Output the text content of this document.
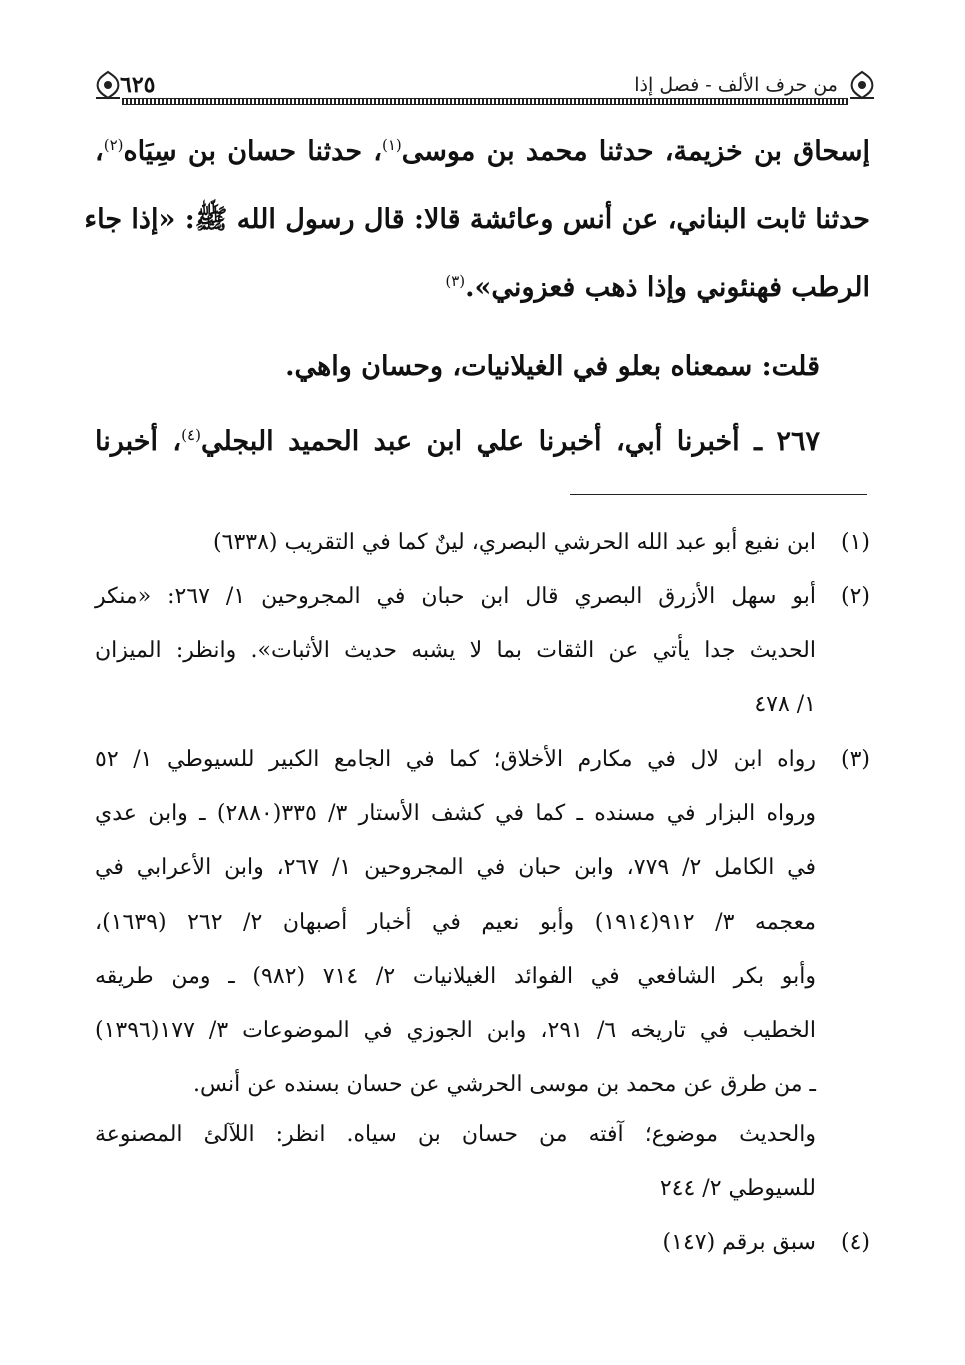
من حرف الألف - فصل إذا
٦٢٥
إسحاق بن خزيمة، حدثنا محمد بن موسى$^{(١)}$، حدثنا حسان بن سِيَاه$^{(٢)}$،
حدثنا ثابت البناني، عن أنس وعائشة قالا: قال رسول الله ﷺ: «إذا جاء
الرطب فهنئوني وإذا ذهب فعزوني».$^{(٣)}$
قلت: سمعناه بعلو في الغيلانيات، وحسان واهي.
٢٦٧ ـ أخبرنا أبي، أخبرنا علي ابن عبد الحميد البجلي$^{(٤)}$، أخبرنا
(١)
ابن نفيع أبو عبد الله الحرشي البصري، لينٌ كما في التقريب (٦٣٣٨)
(٢)
أبو سهل الأزرق البصري قال ابن حبان في المجروحين ١/ ٢٦٧: «منكر
الحديث جدا يأتي عن الثقات بما لا يشبه حديث الأثبات». وانظر: الميزان
١/ ٤٧٨
(٣)
رواه ابن لال في مكارم الأخلاق؛ كما في الجامع الكبير للسيوطي ١/ ٥٢
ورواه البزار في مسنده ـ كما في كشف الأستار ٣/ ٣٣٥(٢٨٨٠) ـ وابن عدي
في الكامل ٢/ ٧٧٩، وابن حبان في المجروحين ١/ ٢٦٧، وابن الأعرابي في
معجمه ٣/ ٩١٢(١٩١٤) وأبو نعيم في أخبار أصبهان ٢/ ٢٦٢ (١٦٣٩)،
وأبو بكر الشافعي في الفوائد الغيلانيات ٢/ ٧١٤ (٩٨٢) ـ ومن طريقه
الخطيب في تاريخه ٦/ ٢٩١، وابن الجوزي في الموضوعات ٣/ ١٧٧(١٣٩٦)
ـ من طرق عن محمد بن موسى الحرشي عن حسان بسنده عن أنس.
والحديث موضوع؛ آفته من حسان بن سياه. انظر: اللآلئ المصنوعة
للسيوطي ٢/ ٢٤٤
(٤)
سبق برقم (١٤٧)
